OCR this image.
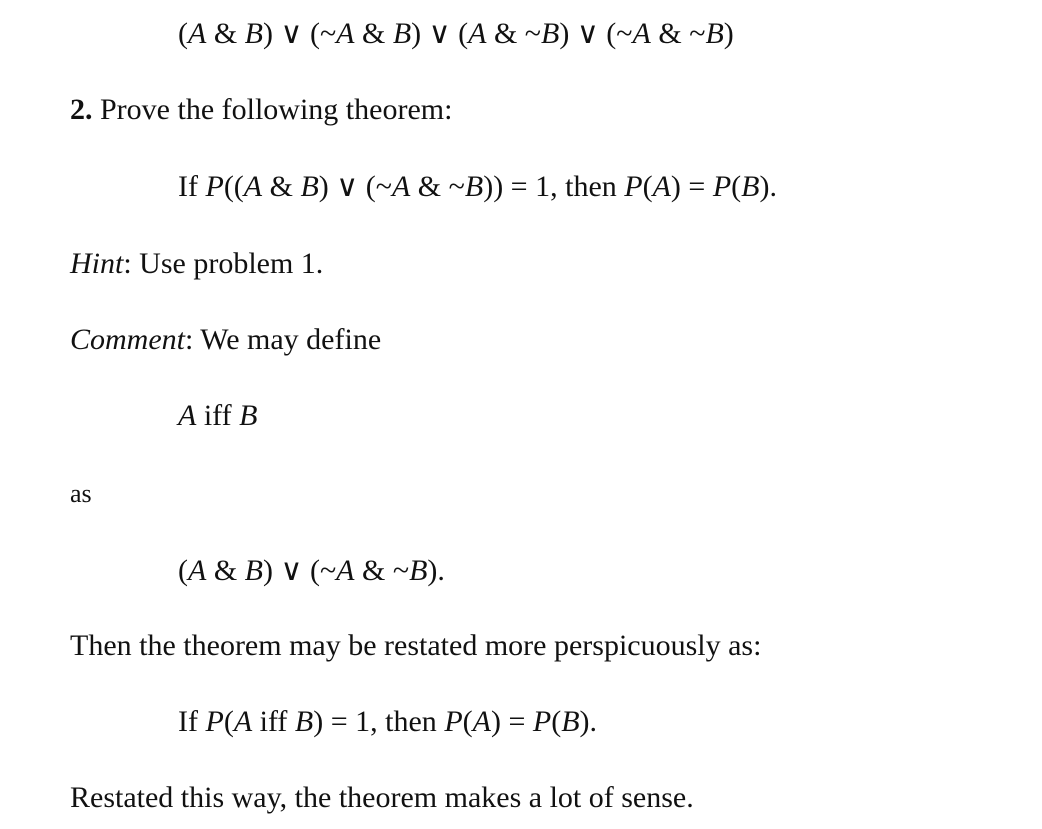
(A & B) ∨ (~A & B) ∨ (A & ~B) ∨ (~A & ~B)
2. Prove the following theorem:
If P((A & B) ∨ (~A & ~B)) = 1, then P(A) = P(B).
Hint: Use problem 1.
Comment: We may define
A iff B
as
(A & B) ∨ (~A & ~B).
Then the theorem may be restated more perspicuously as:
If P(A iff B) = 1, then P(A) = P(B).
Restated this way, the theorem makes a lot of sense.
